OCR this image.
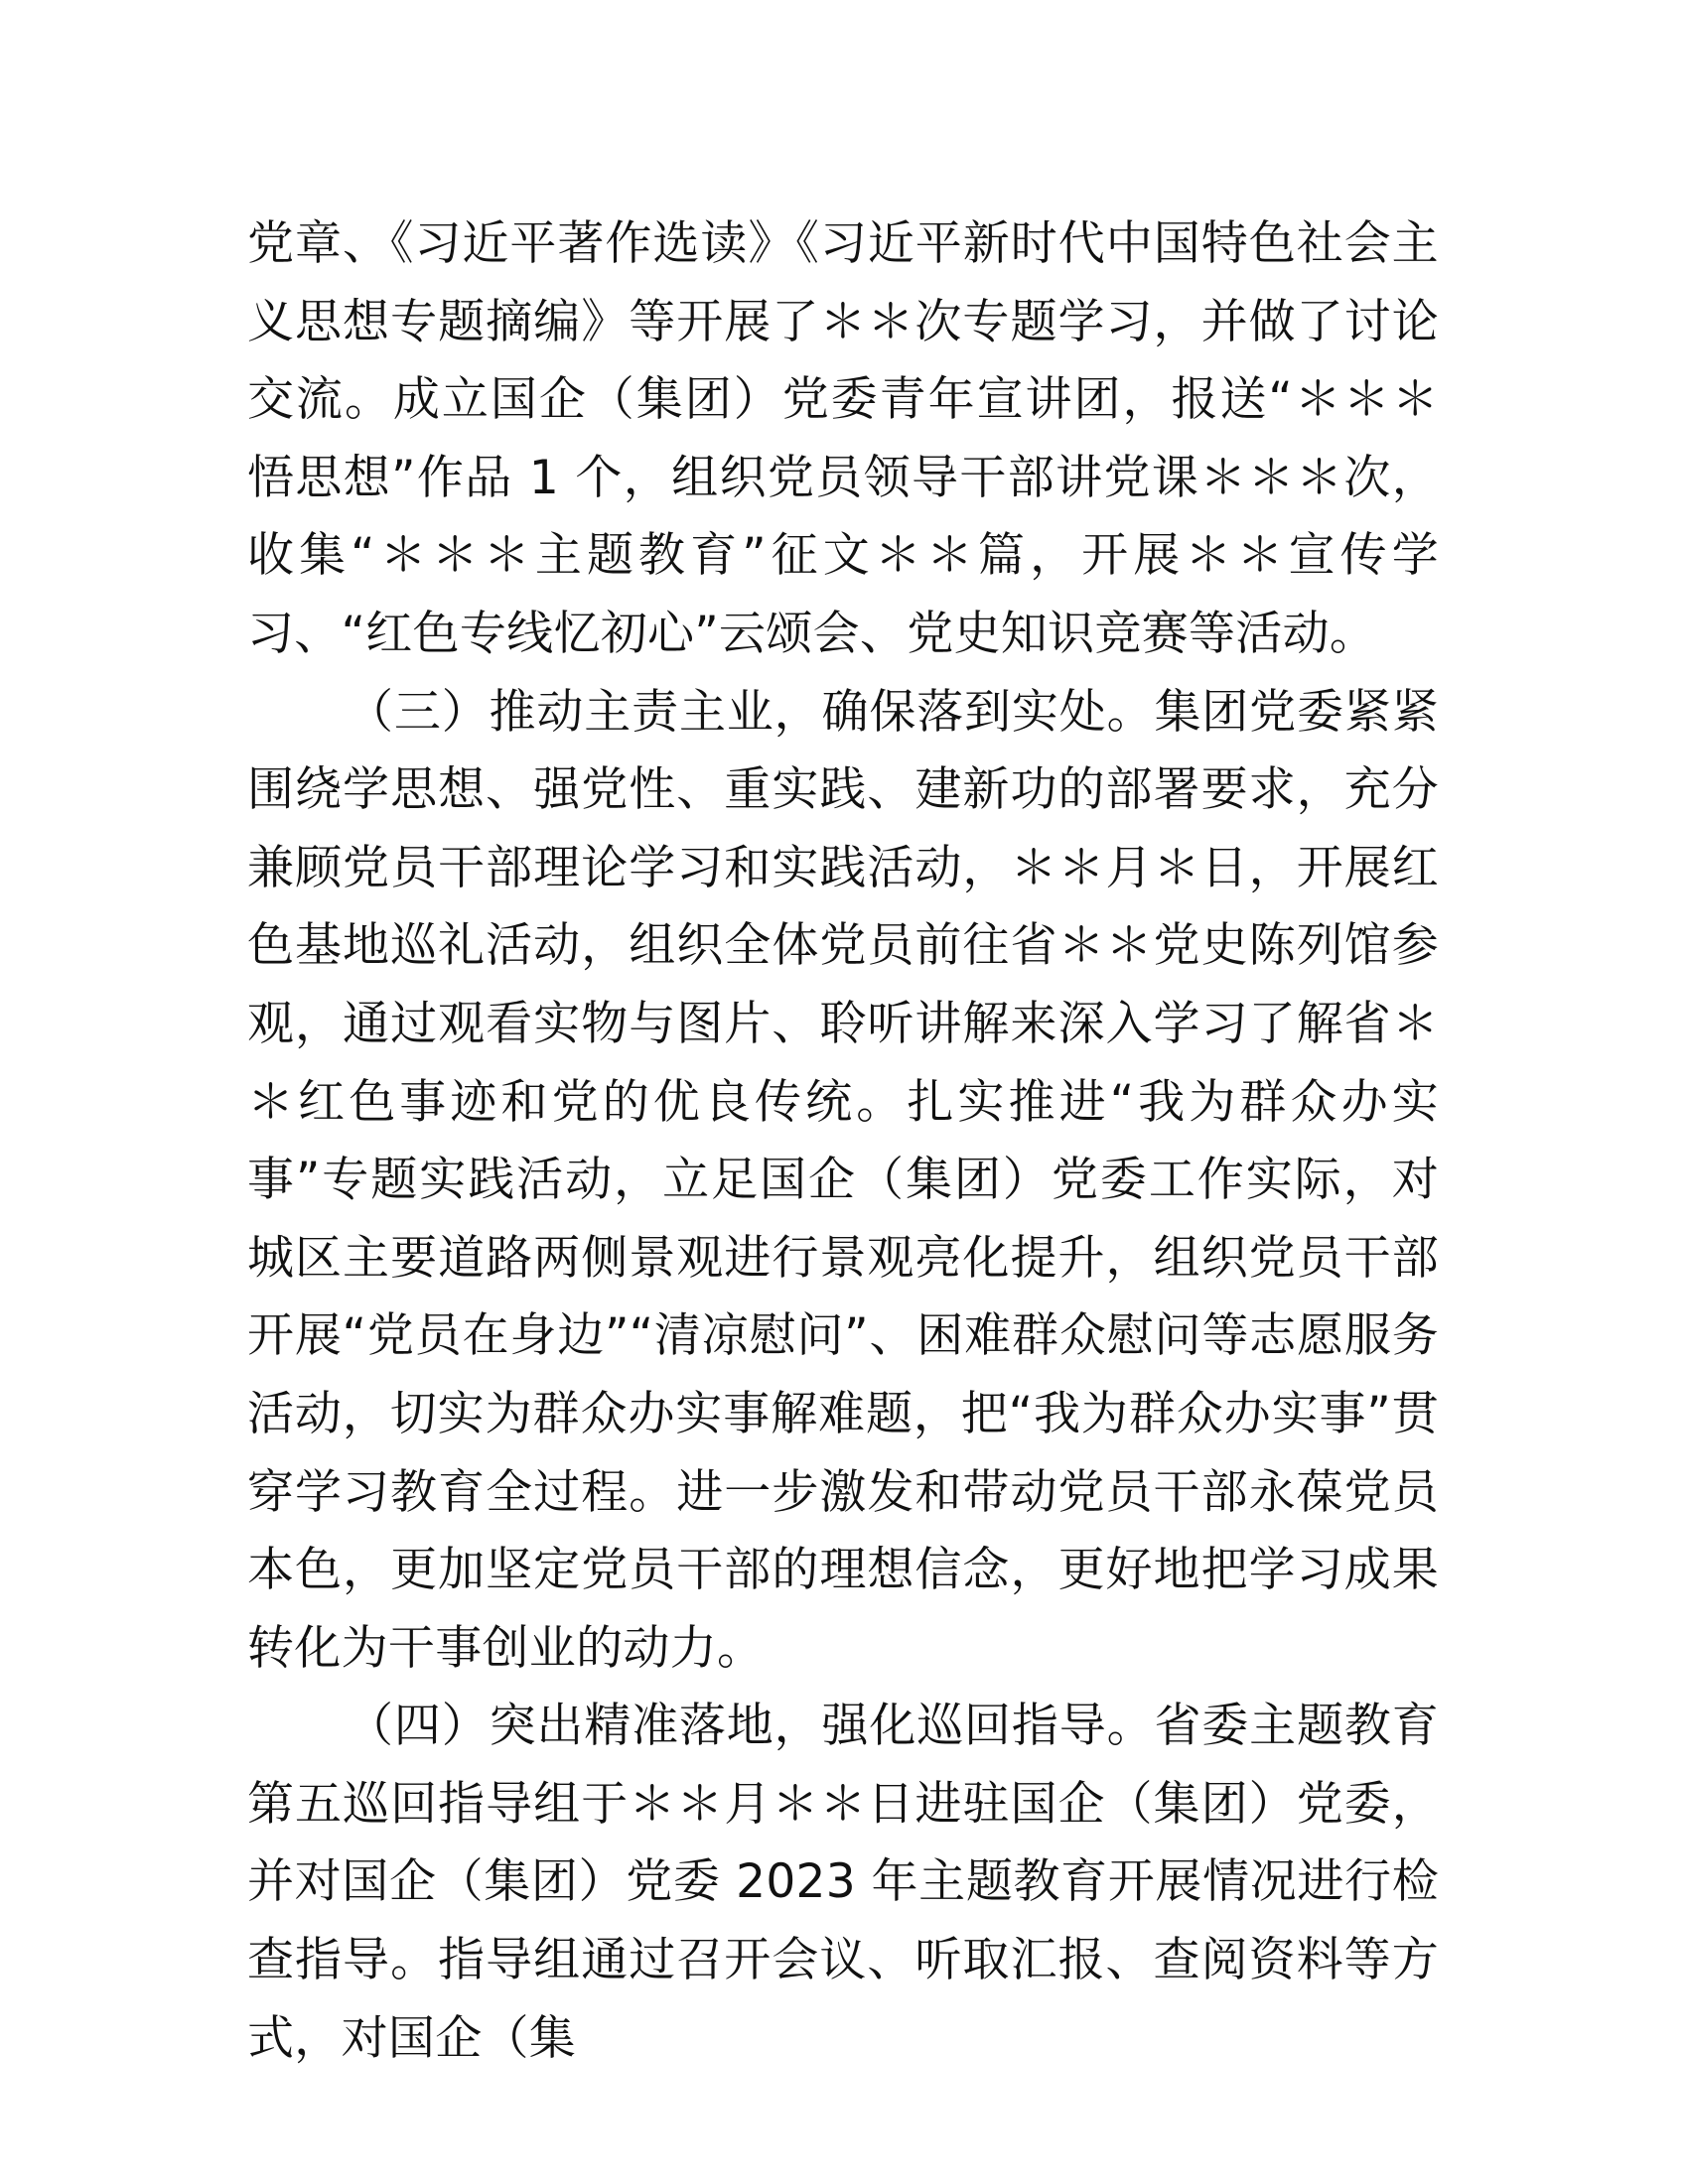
党章、《习近平著作选读》《习近平新时代中国特色社会主义思想专题摘编》等开展了＊＊次专题学习，并做了讨论交流。成立国企（集团）党委青年宣讲团，报送“＊＊＊悟思想”作品 1 个，组织党员领导干部讲党课＊＊＊次，收集“＊＊＊主题教育”征文＊＊篇，开展＊＊宣传学习、“红色专线忆初心”云颂会、党史知识竞赛等活动。

（三）推动主责主业，确保落到实处。集团党委紧紧围绕学思想、强党性、重实践、建新功的部署要求，充分兼顾党员干部理论学习和实践活动，＊＊月＊日，开展红色基地巡礼活动，组织全体党员前往省＊＊党史陈列馆参观，通过观看实物与图片、聆听讲解来深入学习了解省＊＊红色事迹和党的优良传统。扎实推进“我为群众办实事”专题实践活动，立足国企（集团）党委工作实际，对城区主要道路两侧景观进行景观亮化提升，组织党员干部开展“党员在身边”“清凉慰问”、困难群众慰问等志愿服务活动，切实为群众办实事解难题，把“我为群众办实事”贯穿学习教育全过程。进一步激发和带动党员干部永葆党员本色，更加坚定党员干部的理想信念，更好地把学习成果转化为干事创业的动力。

（四）突出精准落地，强化巡回指导。省委主题教育第五巡回指导组于＊＊月＊＊日进驻国企（集团）党委，并对国企（集团）党委 2023 年主题教育开展情况进行检查指导。指导组通过召开会议、听取汇报、查阅资料等方式，对国企（集
